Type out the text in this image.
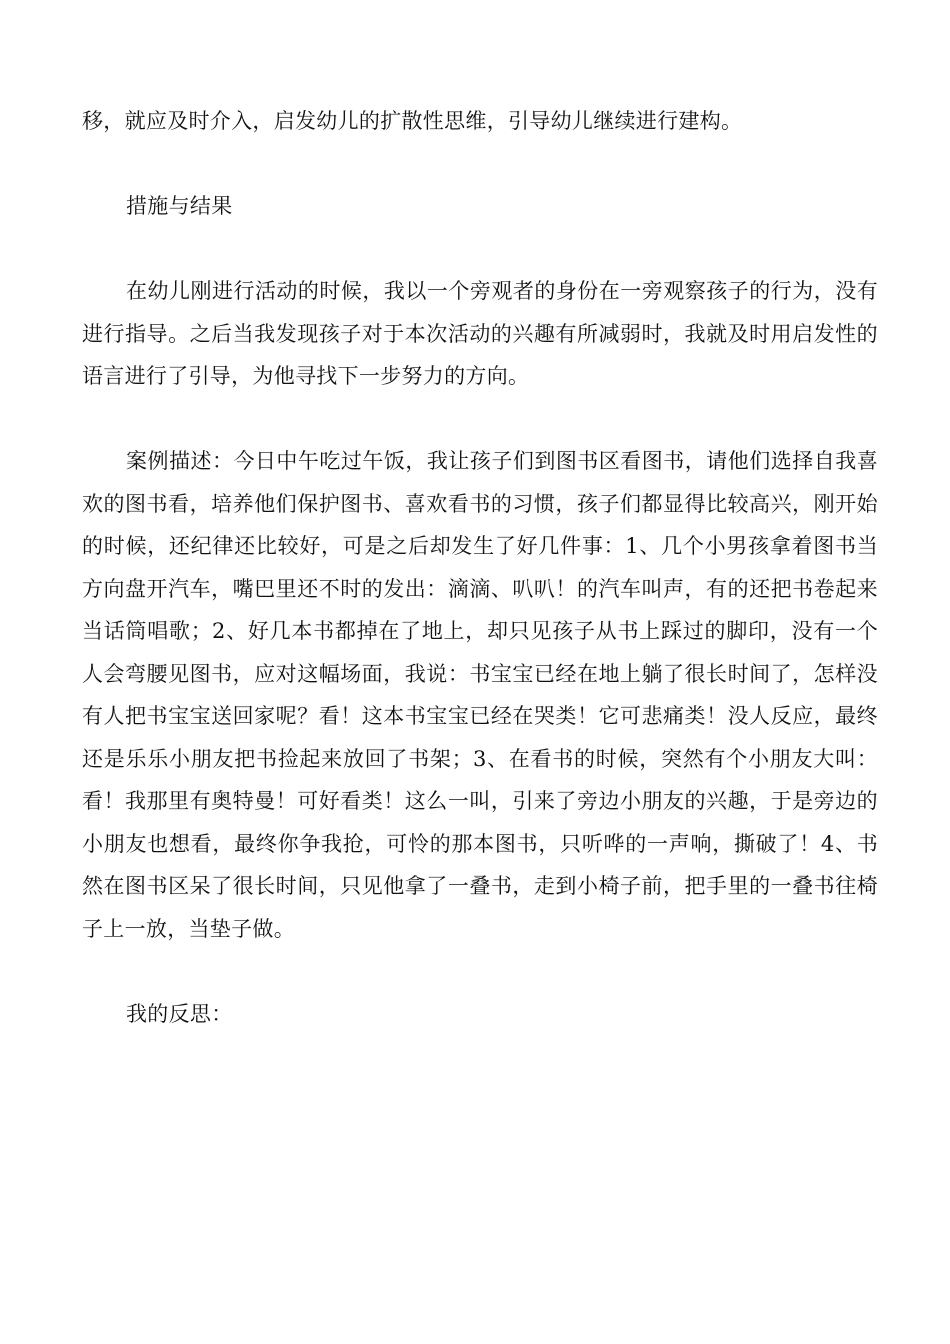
移，就应及时介入，启发幼儿的扩散性思维，引导幼儿继续进行建构。

措施与结果

在幼儿刚进行活动的时候，我以一个旁观者的身份在一旁观察孩子的行为，没有进行指导。之后当我发现孩子对于本次活动的兴趣有所减弱时，我就及时用启发性的语言进行了引导，为他寻找下一步努力的方向。

案例描述：今日中午吃过午饭，我让孩子们到图书区看图书，请他们选择自我喜欢的图书看，培养他们保护图书、喜欢看书的习惯，孩子们都显得比较高兴，刚开始的时候，还纪律还比较好，可是之后却发生了好几件事：1、几个小男孩拿着图书当方向盘开汽车，嘴巴里还不时的发出：滴滴、叭叭！的汽车叫声，有的还把书卷起来当话筒唱歌；2、好几本书都掉在了地上，却只见孩子从书上踩过的脚印，没有一个人会弯腰见图书，应对这幅场面，我说：书宝宝已经在地上躺了很长时间了，怎样没有人把书宝宝送回家呢？看！这本书宝宝已经在哭类！它可悲痛类！没人反应，最终还是乐乐小朋友把书捡起来放回了书架；3、在看书的时候，突然有个小朋友大叫：看！我那里有奥特曼！可好看类！这么一叫，引来了旁边小朋友的兴趣，于是旁边的小朋友也想看，最终你争我抢，可怜的那本图书，只听哗的一声响，撕破了！4、书然在图书区呆了很长时间，只见他拿了一叠书，走到小椅子前，把手里的一叠书往椅子上一放，当垫子做。

我的反思：
